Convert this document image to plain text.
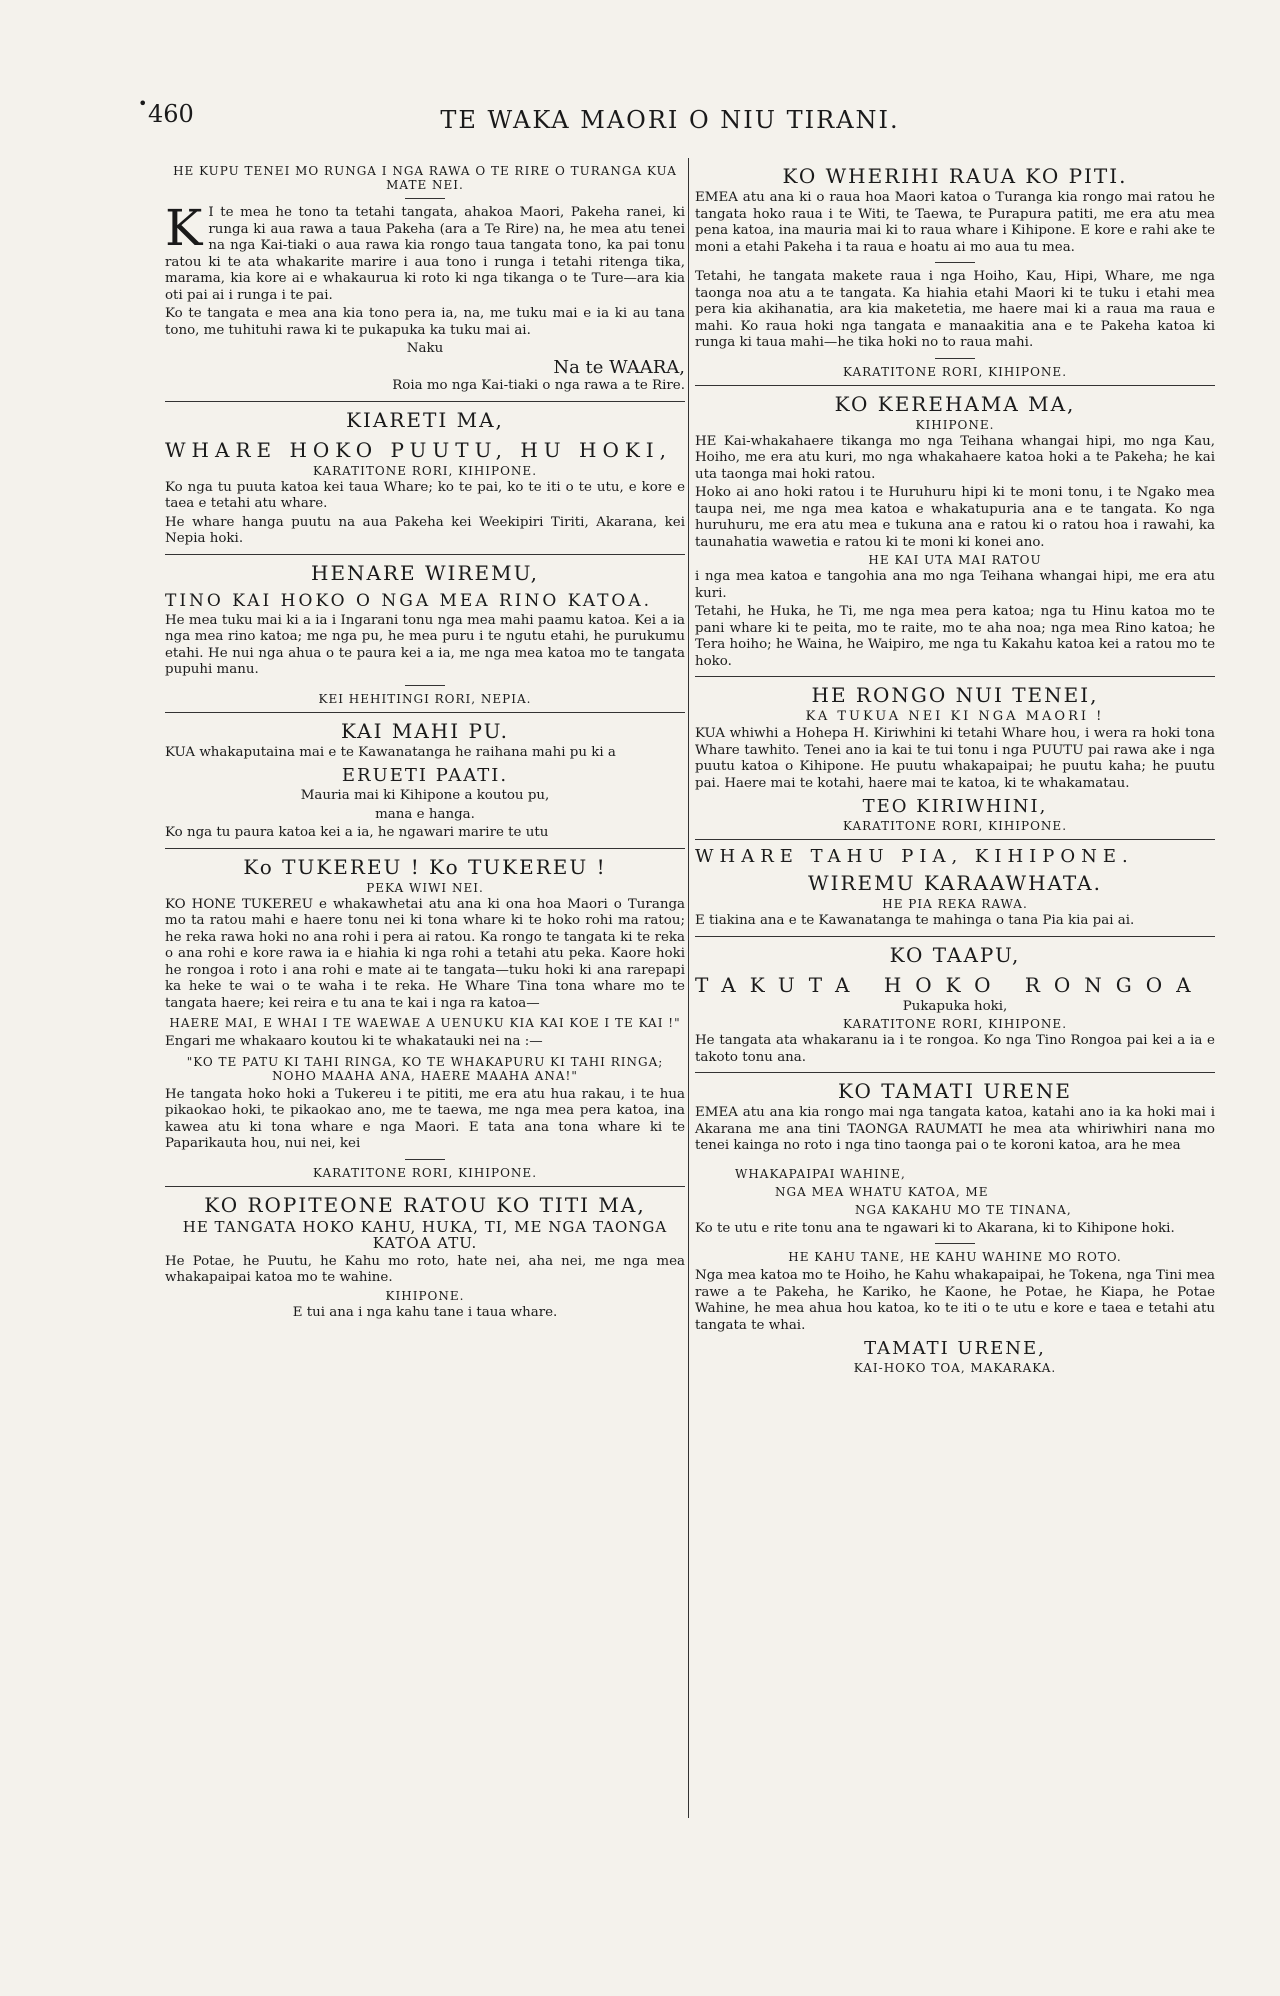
• 460	TE WAKA MAORI O NIU TIRANI.
HE KUPU TENEI MO RUNGA I NGA RAWA O TE RIRE O TURANGA KUA MATE NEI.
K I te mea he tono ta tetahi tangata, ahakoa Maori, Pakeha ranei, ki runga ki aua rawa a taua Pakeha (ara a Te Rire) na, he mea atu tenei na nga Kai-tiaki o aua rawa kia rongo taua tangata tono, ka pai tonu ratou ki te ata whakarite marire i aua tono i runga i tetahi ritenga tika, marama, kia kore ai e whakaurua ki roto ki nga tikanga o te Ture—ara kia oti pai ai i runga i te pai.
Ko te tangata e mea ana kia tono pera ia, na, me tuku mai e ia ki au tana tono, me tuhituhi rawa ki te pukapuka ka tuku mai ai.
Naku
Na te WAARA,
Roia mo nga Kai-tiaki o nga rawa a te Rire.
KIARETI MA,
WHARE HOKO PUUTU, HU HOKI,
KARATITONE RORI, KIHIPONE.
Ko nga tu puuta katoa kei taua Whare; ko te pai, ko te iti o te utu, e kore e taea e tetahi atu whare.
He whare hanga puutu na aua Pakeha kei Weekipiri Tiriti, Akarana, kei Nepia hoki.
HENARE WIREMU,
TINO KAI HOKO O NGA MEA RINO KATOA.
He mea tuku mai ki a ia i Ingarani tonu nga mea mahi paamu katoa. Kei a ia nga mea rino katoa; me nga pu, he mea puru i te ngutu etahi, he purukumu etahi. He nui nga ahua o te paura kei a ia, me nga mea katoa mo te tangata pupuhi manu.
KEI HEHITINGI RORI, NEPIA.
KAI MAHI PU.
KUA whakaputaina mai e te Kawanatanga he raihana mahi pu ki a
ERUETI PAATI.
Mauria mai ki Kihipone a koutou pu,
mana e hanga.
Ko nga tu paura katoa kei a ia, he ngawari marire te utu
Ko TUKEREU ! Ko TUKEREU !
PEKA WIWI NEI.
KO HONE TUKEREU e whakawhetai atu ana ki ona hoa Maori o Turanga mo ta ratou mahi e haere tonu nei ki tona whare ki te hoko rohi ma ratou; he reka rawa hoki no ana rohi i pera ai ratou. Ka rongo te tangata ki te reka o ana rohi e kore rawa ia e hiahia ki nga rohi a tetahi atu peka. Kaore hoki he rongoa i roto i ana rohi e mate ai te tangata—tuku hoki ki ana rarepapi ka heke te wai o te waha i te reka. He Whare Tina tona whare mo te tangata haere; kei reira e tu ana te kai i nga ra katoa—
HAERE MAI, E WHAI I TE WAEWAE A UENUKU KIA KAI KOE I TE KAI !"
Engari me whakaaro koutou ki te whakatauki nei na :—
"KO TE PATU KI TAHI RINGA, KO TE WHAKAPURU KI TAHI RINGA; NOHO MAAHA ANA, HAERE MAAHA ANA!"
He tangata hoko hoki a Tukereu i te pititi, me era atu hua rakau, i te hua pikaokao hoki, te pikaokao ano, me te taewa, me nga mea pera katoa, ina kawea atu ki tona whare e nga Maori. E tata ana tona whare ki te Paparikauta hou, nui nei, kei
KARATITONE RORI, KIHIPONE.
KO ROPITEONE RATOU KO TITI MA,
HE TANGATA HOKO KAHU, HUKA, TI, ME NGA TAONGA KATOA ATU.
He Potae, he Puutu, he Kahu mo roto, hate nei, aha nei, me nga mea whakapaipai katoa mo te wahine.
KIHIPONE.
E tui ana i nga kahu tane i taua whare.
KO WHERIHI RAUA KO PITI.
EMEA atu ana ki o raua hoa Maori katoa o Turanga kia rongo mai ratou he tangata hoko raua i te Witi, te Taewa, te Purapura patiti, me era atu mea pena katoa, ina mauria mai ki to raua whare i Kihipone. E kore e rahi ake te moni a etahi Pakeha i ta raua e hoatu ai mo aua tu mea.
Tetahi, he tangata makete raua i nga Hoiho, Kau, Hipi, Whare, me nga taonga noa atu a te tangata. Ka hiahia etahi Maori ki te tuku i etahi mea pera kia akihanatia, ara kia maketetia, me haere mai ki a raua ma raua e mahi. Ko raua hoki nga tangata e manaakitia ana e te Pakeha katoa ki runga ki taua mahi—he tika hoki no to raua mahi.
KARATITONE RORI, KIHIPONE.
KO KEREHAMA MA,
KIHIPONE.
HE Kai-whakahaere tikanga mo nga Teihana whangai hipi, mo nga Kau, Hoiho, me era atu kuri, mo nga whakahaere katoa hoki a te Pakeha; he kai uta taonga mai hoki ratou.
Hoko ai ano hoki ratou i te Huruhuru hipi ki te moni tonu, i te Ngako mea taupa nei, me nga mea katoa e whakatupuria ana e te tangata. Ko nga huruhuru, me era atu mea e tukuna ana e ratou ki o ratou hoa i rawahi, ka taunahatia wawetia e ratou ki te moni ki konei ano.
HE KAI UTA MAI RATOU
i nga mea katoa e tangohia ana mo nga Teihana whangai hipi, me era atu kuri.
Tetahi, he Huka, he Ti, me nga mea pera katoa; nga tu Hinu katoa mo te pani whare ki te peita, mo te raite, mo te aha noa; nga mea Rino katoa; he Tera hoiho; he Waina, he Waipiro, me nga tu Kakahu katoa kei a ratou mo te hoko.
HE RONGO NUI TENEI,
KA TUKUA NEI KI NGA MAORI !
KUA whiwhi a Hohepa H. Kiriwhini ki tetahi Whare hou, i wera ra hoki tona Whare tawhito. Tenei ano ia kai te tui tonu i nga PUUTU pai rawa ake i nga puutu katoa o Kihipone. He puutu whakapaipai; he puutu kaha; he puutu pai. Haere mai te kotahi, haere mai te katoa, ki te whakamatau.
TEO KIRIWHINI,
KARATITONE RORI, KIHIPONE.
WHARE TAHU PIA, KIHIPONE.
WIREMU KARAAWHATA.
HE PIA REKA RAWA.
E tiakina ana e te Kawanatanga te mahinga o tana Pia kia pai ai.
KO TAAPU,
TAKUTA HOKO RONGOA
Pukapuka hoki,
KARATITONE RORI, KIHIPONE.
He tangata ata whakaranu ia i te rongoa. Ko nga Tino Rongoa pai kei a ia e takoto tonu ana.
KO TAMATI URENE
EMEA atu ana kia rongo mai nga tangata katoa, katahi ano ia ka hoki mai i Akarana me ana tini TAONGA RAUMATI he mea ata whiriwhiri nana mo tenei kainga no roto i nga tino taonga pai o te koroni katoa, ara he mea
WHAKAPAIPAI WAHINE,
NGA MEA WHATU KATOA, ME
NGA KAKAHU MO TE TINANA,
Ko te utu e rite tonu ana te ngawari ki to Akarana, ki to Kihipone hoki.
HE KAHU TANE, HE KAHU WAHINE MO ROTO.
Nga mea katoa mo te Hoiho, he Kahu whakapaipai, he Tokena, nga Tini mea rawe a te Pakeha, he Kariko, he Kaone, he Potae, he Kiapa, he Potae Wahine, he mea ahua hou katoa, ko te iti o te utu e kore e taea e tetahi atu tangata te whai.
TAMATI URENE,
KAI-HOKO TOA, MAKARAKA.
